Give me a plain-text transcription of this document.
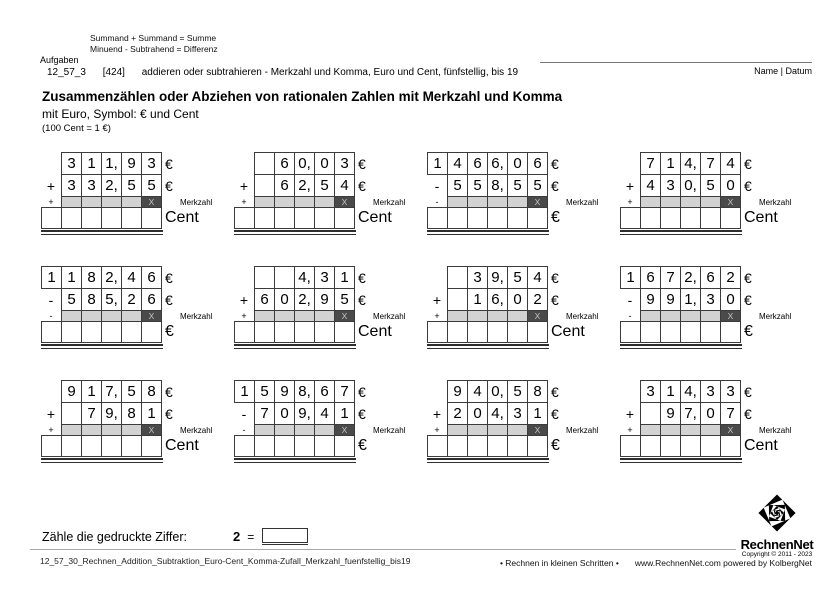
Summand + Summand = Summe
Minuend - Subtrahend = Differenz
Aufgaben
12_57_3 [424] addieren oder subtrahieren - Merkzahl und Komma, Euro und Cent, fünfstellig, bis 19	Name | Datum
Zusammenzählen oder Abziehen von rationalen Zahlen mit Merkzahl und Komma
mit Euro, Symbol: € und Cent
(100 Cent = 1 €)
3 1 1, 9 3 €
+ 3 3 2, 5 5 €
+	X	Merkzahl
Cent
6 0, 0 3 €
+	6 2, 5 4 €
+	X	Merkzahl
Cent
1 4 6 6, 0 6 €
- 5 5 8, 5 5 €
-	X	Merkzahl
€
7 1 4, 7 4 €
+ 4 3 0, 5 0 €
+	X	Merkzahl
Cent
1 1 8 2, 4 6 €
- 5 8 5, 2 6 €
-	X	Merkzahl
€
4, 3 1 €
+ 6 0 2, 9 5 €
+	X	Merkzahl
Cent
3 9, 5 4 €
+	1 6, 0 2 €
+	X	Merkzahl
Cent
1 6 7 2, 6 2 €
- 9 9 1, 3 0 €
-	X	Merkzahl
€
9 1 7, 5 8 €
+	7 9, 8 1 €
+	X	Merkzahl
Cent
1 5 9 8, 6 7 €
- 7 0 9, 4 1 €
-	X	Merkzahl
€
9 4 0, 5 8 €
+ 2 0 4, 3 1 €
+	X	Merkzahl
€
3 1 4, 3 3 €
+	9 7, 0 7 €
+	X	Merkzahl
Cent
Zähle die gedruckte Ziffer:	2 =
12_57_30_Rechnen_Addition_Subtraktion_Euro-Cent_Komma-Zufall_Merkzahl_fuenfstellig_bis19	• Rechnen in kleinen Schritten • www.RechnenNet.com powered by KolbergNet
RechnenNet
Copyright © 2011 - 2023
